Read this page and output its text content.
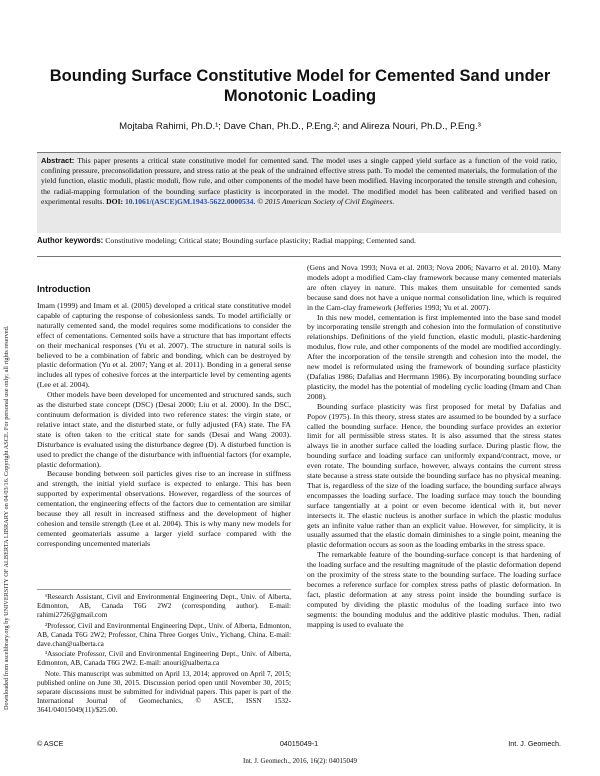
Downloaded from ascelibrary.org by UNIVERSITY OF ALBERTA LIBRARY on 04/03/16. Copyright ASCE. For personal use only; all rights reserved.
Bounding Surface Constitutive Model for Cemented Sand under Monotonic Loading
Mojtaba Rahimi, Ph.D.¹; Dave Chan, Ph.D., P.Eng.²; and Alireza Nouri, Ph.D., P.Eng.³

Abstract: This paper presents a critical state constitutive model for cemented sand. The model uses a single capped yield surface as a function of the void ratio, confining pressure, preconsolidation pressure, and stress ratio at the peak of the undrained effective stress path. To model the cemented materials, the formulation of the yield function, elastic moduli, plastic moduli, flow rule, and other components of the model have been modified. Having incorporated the tensile strength and cohesion, the radial-mapping formulation of the bounding surface plasticity is incorporated in the model. The modified model has been calibrated and verified based on experimental results. DOI: 10.1061/(ASCE)GM.1943-5622.0000534. © 2015 American Society of Civil Engineers.

Author keywords: Constitutive modeling; Critical state; Bounding surface plasticity; Radial mapping; Cemented sand.
Introduction

Imam (1999) and Imam et al. (2005) developed a critical state constitutive model capable of capturing the response of cohesionless sands. To model artificially or naturally cemented sand, the model requires some modifications to consider the effect of cementations. Cemented soils have a structure that has important effects on their mechanical responses (Yu et al. 2007). The structure in natural soils is believed to be a combination of fabric and bonding, which can be destroyed by plastic deformation (Yu et al. 2007; Yang et al. 2011). Bonding in a general sense includes all types of cohesive forces at the interparticle level by cementing agents (Lee et al. 2004).

Other models have been developed for uncemented and structured sands, such as the disturbed state concept (DSC) (Desai 2000; Liu et al. 2000). In the DSC, continuum deformation is divided into two reference states: the virgin state, or relative intact state, and the disturbed state, or fully adjusted (FA) state. The FA state is often taken to the critical state for sands (Desai and Wang 2003). Disturbance is evaluated using the disturbance degree (D). A disturbed function is used to predict the change of the disturbance with influential factors (for example, plastic deformation).

Because bonding between soil particles gives rise to an increase in stiffness and strength, the initial yield surface is expected to enlarge. This has been supported by experimental observations. However, regardless of the sources of cementation, the engineering effects of the factors due to cementation are similar because they all result in increased stiffness and the development of higher cohesion and tensile strength (Lee et al. 2004). This is why many new models for cemented geomaterials assume a larger yield surface compared with the corresponding uncemented materials

¹Research Assistant, Civil and Environmental Engineering Dept., Univ. of Alberta, Edmonton, AB, Canada T6G 2W2 (corresponding author). E-mail: rahimi2726@gmail.com

²Professor, Civil and Environmental Engineering Dept., Univ. of Alberta, Edmonton, AB, Canada T6G 2W2; Professor, China Three Gorges Univ., Yichang, China. E-mail: dave.chan@ualberta.ca

³Associate Professor, Civil and Environmental Engineering Dept., Univ. of Alberta, Edmonton, AB, Canada T6G 2W2. E-mail: anouri@ualberta.ca

Note. This manuscript was submitted on April 13, 2014; approved on April 7, 2015; published online on June 30, 2015. Discussion period open until November 30, 2015; separate discussions must be submitted for individual papers. This paper is part of the International Journal of Geomechanics, © ASCE, ISSN 1532-3641/04015049(11)/$25.00.

(Gens and Nova 1993; Nova et al. 2003; Nova 2006; Navarro et al. 2010). Many models adopt a modified Cam-clay framework because many cemented materials are often clayey in nature. This makes them unsuitable for cemented sands because sand does not have a unique normal consolidation line, which is required in the Cam-clay framework (Jefferies 1993; Yu et al. 2007).

In this new model, cementation is first implemented into the base sand model by incorporating tensile strength and cohesion into the formulation of constitutive relationships. Definitions of the yield function, elastic moduli, plastic-hardening modulus, flow rule, and other components of the model are modified accordingly. After the incorporation of the tensile strength and cohesion into the model, the new model is reformulated using the framework of bounding surface plasticity (Dafalias 1986; Dafalias and Herrmann 1986). By incorporating bounding surface plasticity, the model has the potential of modeling cyclic loading (Imam and Chan 2008).

Bounding surface plasticity was first proposed for metal by Dafalias and Popov (1975). In this theory, stress states are assumed to be bounded by a surface called the bounding surface. Hence, the bounding surface provides an exterior limit for all permissible stress states. It is also assumed that the stress states always lie in another surface called the loading surface. During plastic flow, the bounding surface and loading surface can uniformly expand/contract, move, or even rotate. The bounding surface, however, always contains the current stress state because a stress state outside the bounding surface has no physical meaning. That is, regardless of the size of the loading surface, the bounding surface always encompasses the loading surface. The loading surface may touch the bounding surface tangentially at a point or even become identical with it, but never intersects it. The elastic nucleus is another surface in which the plastic modulus gets an infinite value rather than an explicit value. However, for simplicity, it is usually assumed that the elastic domain diminishes to a single point, meaning the plastic deformation occurs as soon as the loading embarks in the stress space.

The remarkable feature of the bounding-surface concept is that hardening of the loading surface and the resulting magnitude of the plastic deformation depend on the proximity of the stress state to the bounding surface. The loading surface becomes a reference surface for complex stress paths of plastic deformation. In fact, plastic deformation at any stress point inside the bounding surface is computed by dividing the plastic modulus of the loading surface into two segments: the bounding modulus and the additive plastic modulus. Then, radial mapping is used to evaluate the

© ASCE	04015049-1	Int. J. Geomech.
Int. J. Geomech., 2016, 16(2): 04015049
